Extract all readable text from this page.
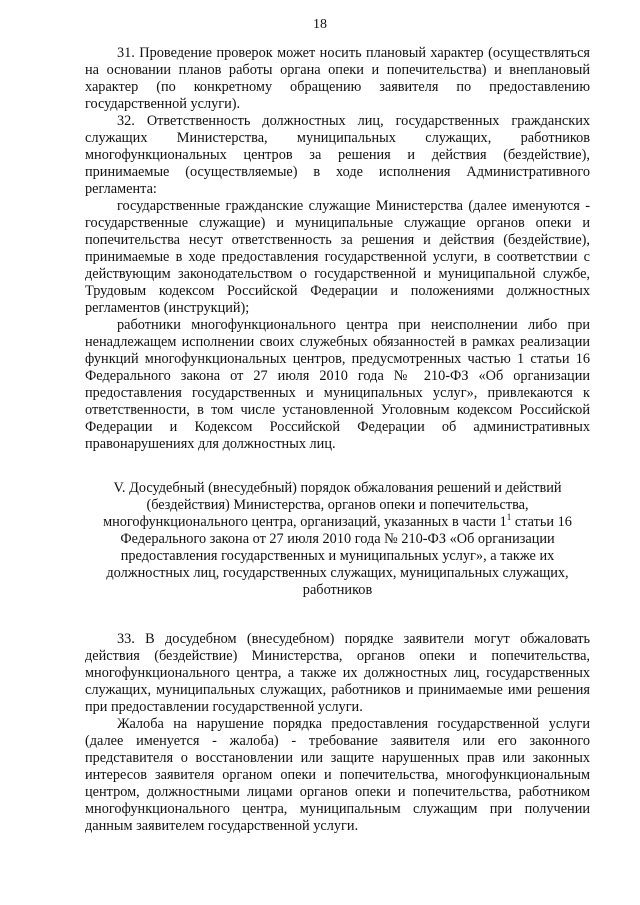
18

31. Проведение проверок может носить плановый характер (осуществляться на основании планов работы органа опеки и попечительства) и внеплановый характер (по конкретному обращению заявителя по предоставлению государственной услуги).

32. Ответственность должностных лиц, государственных гражданских служащих Министерства, муниципальных служащих, работников многофункциональных центров за решения и действия (бездействие), принимаемые (осуществляемые) в ходе исполнения Административного регламента:

государственные гражданские служащие Министерства (далее именуются - государственные служащие) и муниципальные служащие органов опеки и попечительства несут ответственность за решения и действия (бездействие), принимаемые в ходе предоставления государственной услуги, в соответствии с действующим законодательством о государственной и муниципальной службе, Трудовым кодексом Российской Федерации и положениями должностных регламентов (инструкций);

работники многофункционального центра при неисполнении либо при ненадлежащем исполнении своих служебных обязанностей в рамках реализации функций многофункциональных центров, предусмотренных частью 1 статьи 16 Федерального закона от 27 июля 2010 года № 210-ФЗ «Об организации предоставления государственных и муниципальных услуг», привлекаются к ответственности, в том числе установленной Уголовным кодексом Российской Федерации и Кодексом Российской Федерации об административных правонарушениях для должностных лиц.

V. Досудебный (внесудебный) порядок обжалования решений и действий (бездействия) Министерства, органов опеки и попечительства,

многофункционального центра, организаций, указанных в части $1^1$ статьи 16

Федерального закона от 27 июля 2010 года № 210-ФЗ «Об организации предоставления государственных и муниципальных услуг», а также их должностных лиц, государственных служащих, муниципальных служащих, работников

33. В досудебном (внесудебном) порядке заявители могут обжаловать действия (бездействие) Министерства, органов опеки и попечительства, многофункционального центра, а также их должностных лиц, государственных служащих, муниципальных служащих, работников и принимаемые ими решения при предоставлении государственной услуги.

Жалоба на нарушение порядка предоставления государственной услуги (далее именуется - жалоба) - требование заявителя или его законного представителя о восстановлении или защите нарушенных прав или законных интересов заявителя органом опеки и попечительства, многофункциональным центром, должностными лицами органов опеки и попечительства, работником многофункционального центра, муниципальным служащим при получении данным заявителем государственной услуги.
